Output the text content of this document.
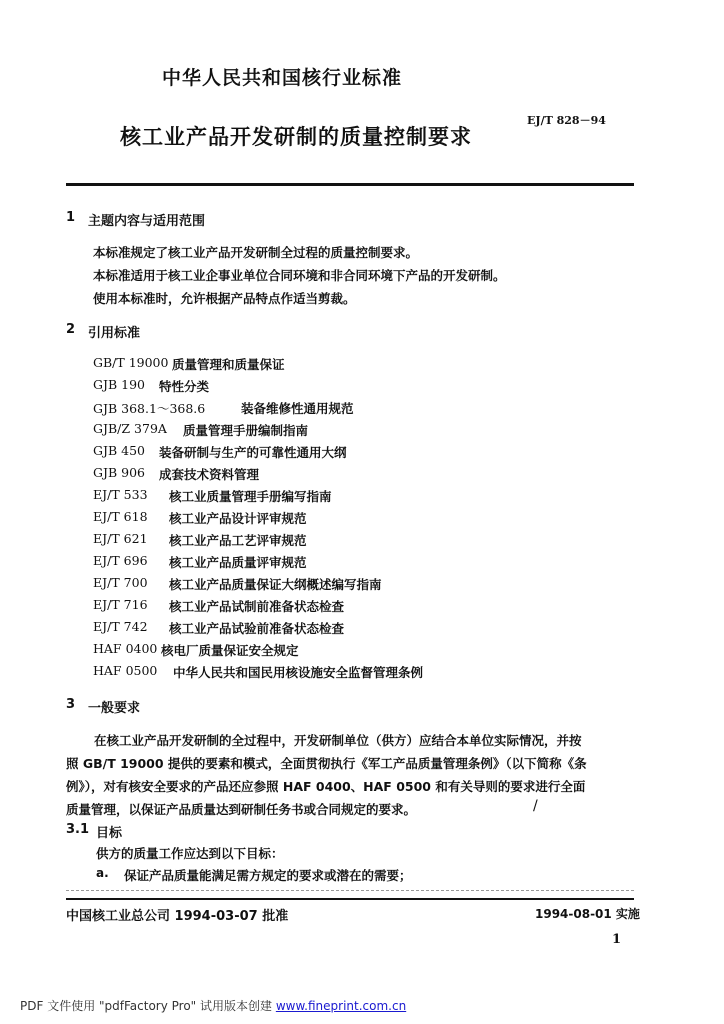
中华人民共和国核行业标准
EJ/T 828－94
核工业产品开发研制的质量控制要求
1 主题内容与适用范围
本标准规定了核工业产品开发研制全过程的质量控制要求。
本标准适用于核工业企事业单位合同环境和非合同环境下产品的开发研制。
使用本标准时，允许根据产品特点作适当剪裁。
2 引用标准
GB/T 19000 质量管理和质量保证
GJB 190 特性分类
GJB 368.1～368.6	装备维修性通用规范
GJB/Z 379A 质量管理手册编制指南
GJB 450 装备研制与生产的可靠性通用大纲
GJB 906 成套技术资料管理
EJ/T 533 核工业质量管理手册编写指南
EJ/T 618 核工业产品设计评审规范
EJ/T 621 核工业产品工艺评审规范
EJ/T 696 核工业产品质量评审规范
EJ/T 700 核工业产品质量保证大纲概述编写指南
EJ/T 716 核工业产品试制前准备状态检查
EJ/T 742 核工业产品试验前准备状态检查
HAF 0400 核电厂质量保证安全规定
HAF 0500 中华人民共和国民用核设施安全监督管理条例
3 一般要求
在核工业产品开发研制的全过程中，开发研制单位（供方）应结合本单位实际情况，并按
照 GB/T 19000 提供的要素和模式，全面贯彻执行《军工产品质量管理条例》（以下简称《条
例》），对有核安全要求的产品还应参照 HAF 0400、HAF 0500 和有关导则的要求进行全面
质量管理，以保证产品质量达到研制任务书或合同规定的要求。	/
3.1 目标
供方的质量工作应达到以下目标：
a. 保证产品质量能满足需方规定的要求或潜在的需要；
中国核工业总公司 1994-03-07 批准	1994-08-01 实施
1
PDF 文件使用 "pdfFactory Pro" 试用版本创建 www.fineprint.com.cn
